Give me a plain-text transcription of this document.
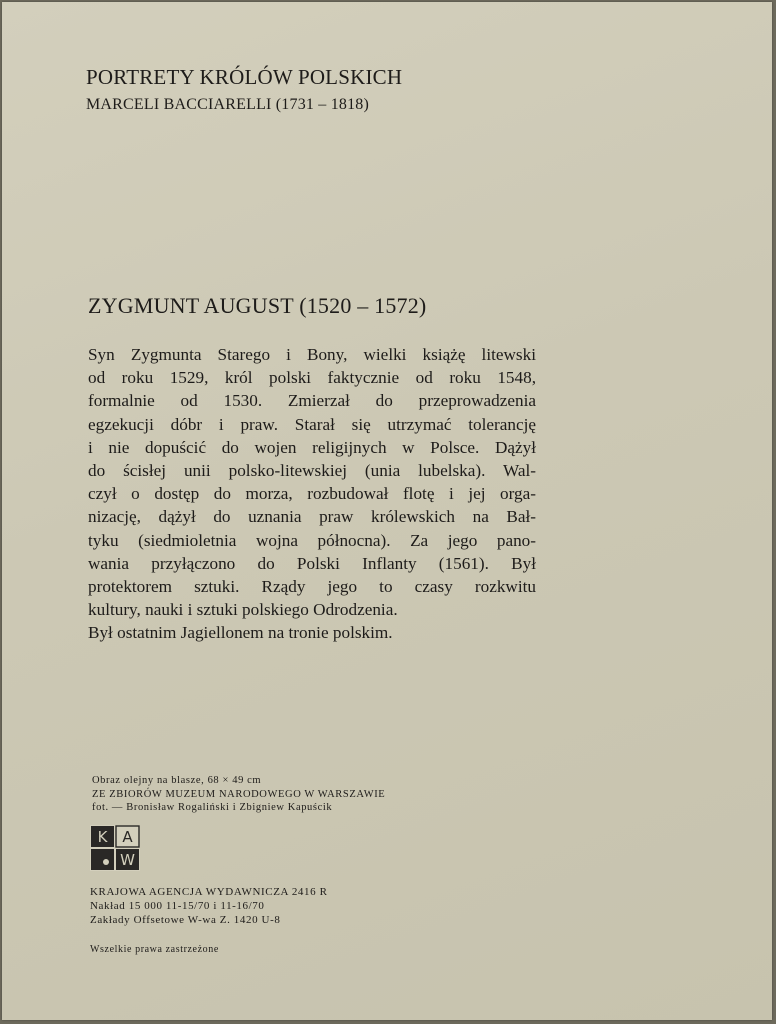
PORTRETY KRÓLÓW POLSKICH
MARCELI BACCIARELLI (1731 – 1818)
ZYGMUNT AUGUST (1520 – 1572)
Syn Zygmunta Starego i Bony, wielki książę litewski
od roku 1529, król polski faktycznie od roku 1548,
formalnie od 1530. Zmierzał do przeprowadzenia
egzekucji dóbr i praw. Starał się utrzymać tolerancję
i nie dopuścić do wojen religijnych w Polsce. Dążył
do ścisłej unii polsko-litewskiej (unia lubelska). Wal-
czył o dostęp do morza, rozbudował flotę i jej orga-
nizację, dążył do uznania praw królewskich na Bał-
tyku (siedmioletnia wojna północna). Za jego pano-
wania przyłączono do Polski Inflanty (1561). Był
protektorem sztuki. Rządy jego to czasy rozkwitu
kultury, nauki i sztuki polskiego Odrodzenia.
Był ostatnim Jagiellonem na tronie polskim.
Obraz olejny na blasze, 68 × 49 cm
ZE ZBIORÓW MUZEUM NARODOWEGO W WARSZAWIE
fot. — Bronisław Rogaliński i Zbigniew Kapuścik
K A
W
KRAJOWA AGENCJA WYDAWNICZA 2416 R
Nakład 15 000 11-15/70 i 11-16/70
Zakłady Offsetowe W-wa Z. 1420 U-8
Wszelkie prawa zastrzeżone
